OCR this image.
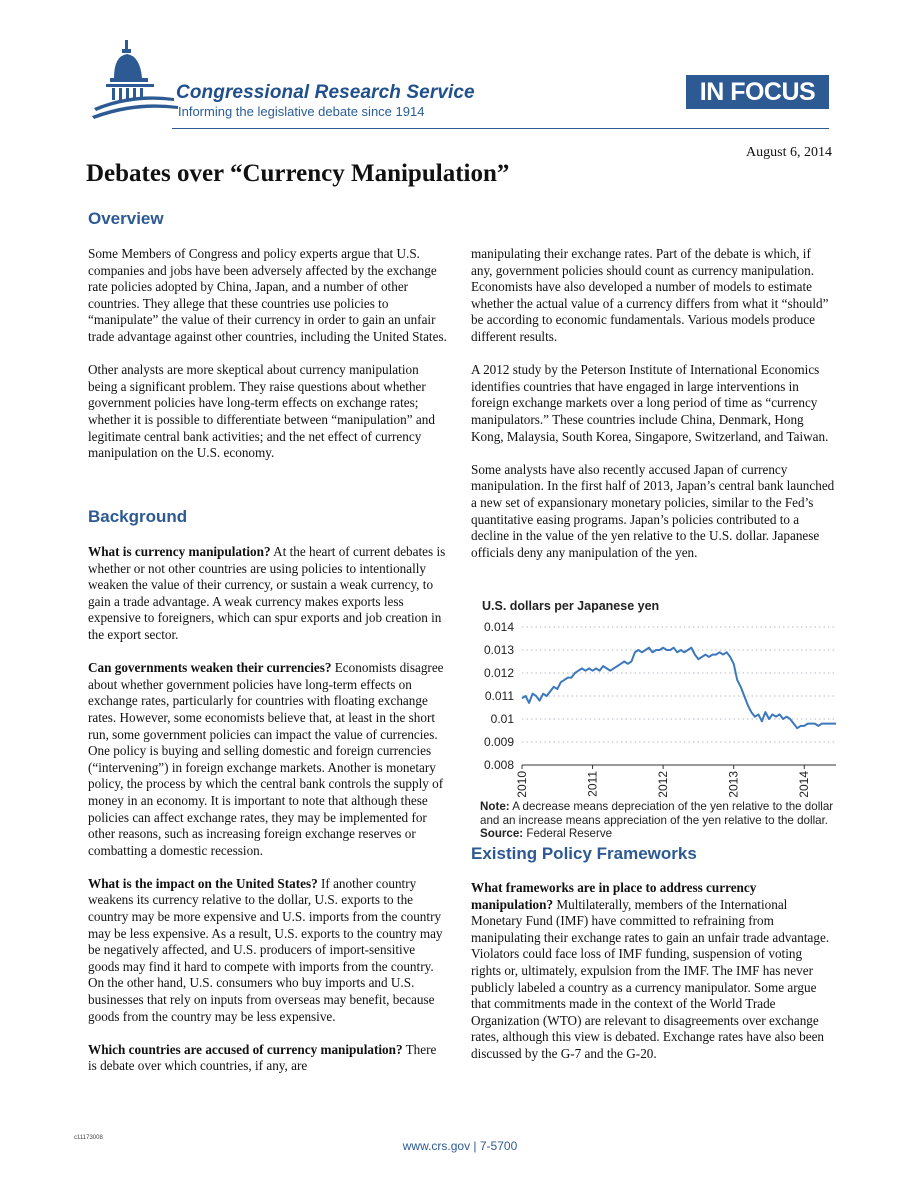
Congressional Research Service
Informing the legislative debate since 1914
IN FOCUS
August 6, 2014
Debates over “Currency Manipulation”
Overview

Some Members of Congress and policy experts argue that U.S. companies and jobs have been adversely affected by the exchange rate policies adopted by China, Japan, and a number of other countries. They allege that these countries use policies to “manipulate” the value of their currency in order to gain an unfair trade advantage against other countries, including the United States.

Other analysts are more skeptical about currency manipulation being a significant problem. They raise questions about whether government policies have long-term effects on exchange rates; whether it is possible to differentiate between “manipulation” and legitimate central bank activities; and the net effect of currency manipulation on the U.S. economy.

Background

What is currency manipulation? At the heart of current debates is whether or not other countries are using policies to intentionally weaken the value of their currency, or sustain a weak currency, to gain a trade advantage. A weak currency makes exports less expensive to foreigners, which can spur exports and job creation in the export sector.

Can governments weaken their currencies? Economists disagree about whether government policies have long-term effects on exchange rates, particularly for countries with floating exchange rates. However, some economists believe that, at least in the short run, some government policies can impact the value of currencies. One policy is buying and selling domestic and foreign currencies (“intervening”) in foreign exchange markets. Another is monetary policy, the process by which the central bank controls the supply of money in an economy. It is important to note that although these policies can affect exchange rates, they may be implemented for other reasons, such as increasing foreign exchange reserves or combatting a domestic recession.

What is the impact on the United States? If another country weakens its currency relative to the dollar, U.S. exports to the country may be more expensive and U.S. imports from the country may be less expensive. As a result, U.S. exports to the country may be negatively affected, and U.S. producers of import-sensitive goods may find it hard to compete with imports from the country. On the other hand, U.S. consumers who buy imports and U.S. businesses that rely on inputs from overseas may benefit, because goods from the country may be less expensive.

Which countries are accused of currency manipulation? There is debate over which countries, if any, are

manipulating their exchange rates. Part of the debate is which, if any, government policies should count as currency manipulation. Economists have also developed a number of models to estimate whether the actual value of a currency differs from what it “should” be according to economic fundamentals. Various models produce different results.

A 2012 study by the Peterson Institute of International Economics identifies countries that have engaged in large interventions in foreign exchange markets over a long period of time as “currency manipulators.” These countries include China, Denmark, Hong Kong, Malaysia, South Korea, Singapore, Switzerland, and Taiwan.

Some analysts have also recently accused Japan of currency manipulation. In the first half of 2013, Japan’s central bank launched a new set of expansionary monetary policies, similar to the Fed’s quantitative easing programs. Japan’s policies contributed to a decline in the value of the yen relative to the U.S. dollar. Japanese officials deny any manipulation of the yen.

U.S. dollars per Japanese yen
0.014
0.013
0.012
0.011
0.01
0.009
0.008
2010	2011	2012	2013	2014
Note: A decrease means depreciation of the yen relative to the dollar and an increase means appreciation of the yen relative to the dollar.
Source: Federal Reserve
Existing Policy Frameworks

What frameworks are in place to address currency manipulation? Multilaterally, members of the International Monetary Fund (IMF) have committed to refraining from manipulating their exchange rates to gain an unfair trade advantage. Violators could face loss of IMF funding, suspension of voting rights or, ultimately, expulsion from the IMF. The IMF has never publicly labeled a country as a currency manipulator. Some argue that commitments made in the context of the World Trade Organization (WTO) are relevant to disagreements over exchange rates, although this view is debated. Exchange rates have also been discussed by the G-7 and the G-20.

c11173008
www.crs.gov | 7-5700
